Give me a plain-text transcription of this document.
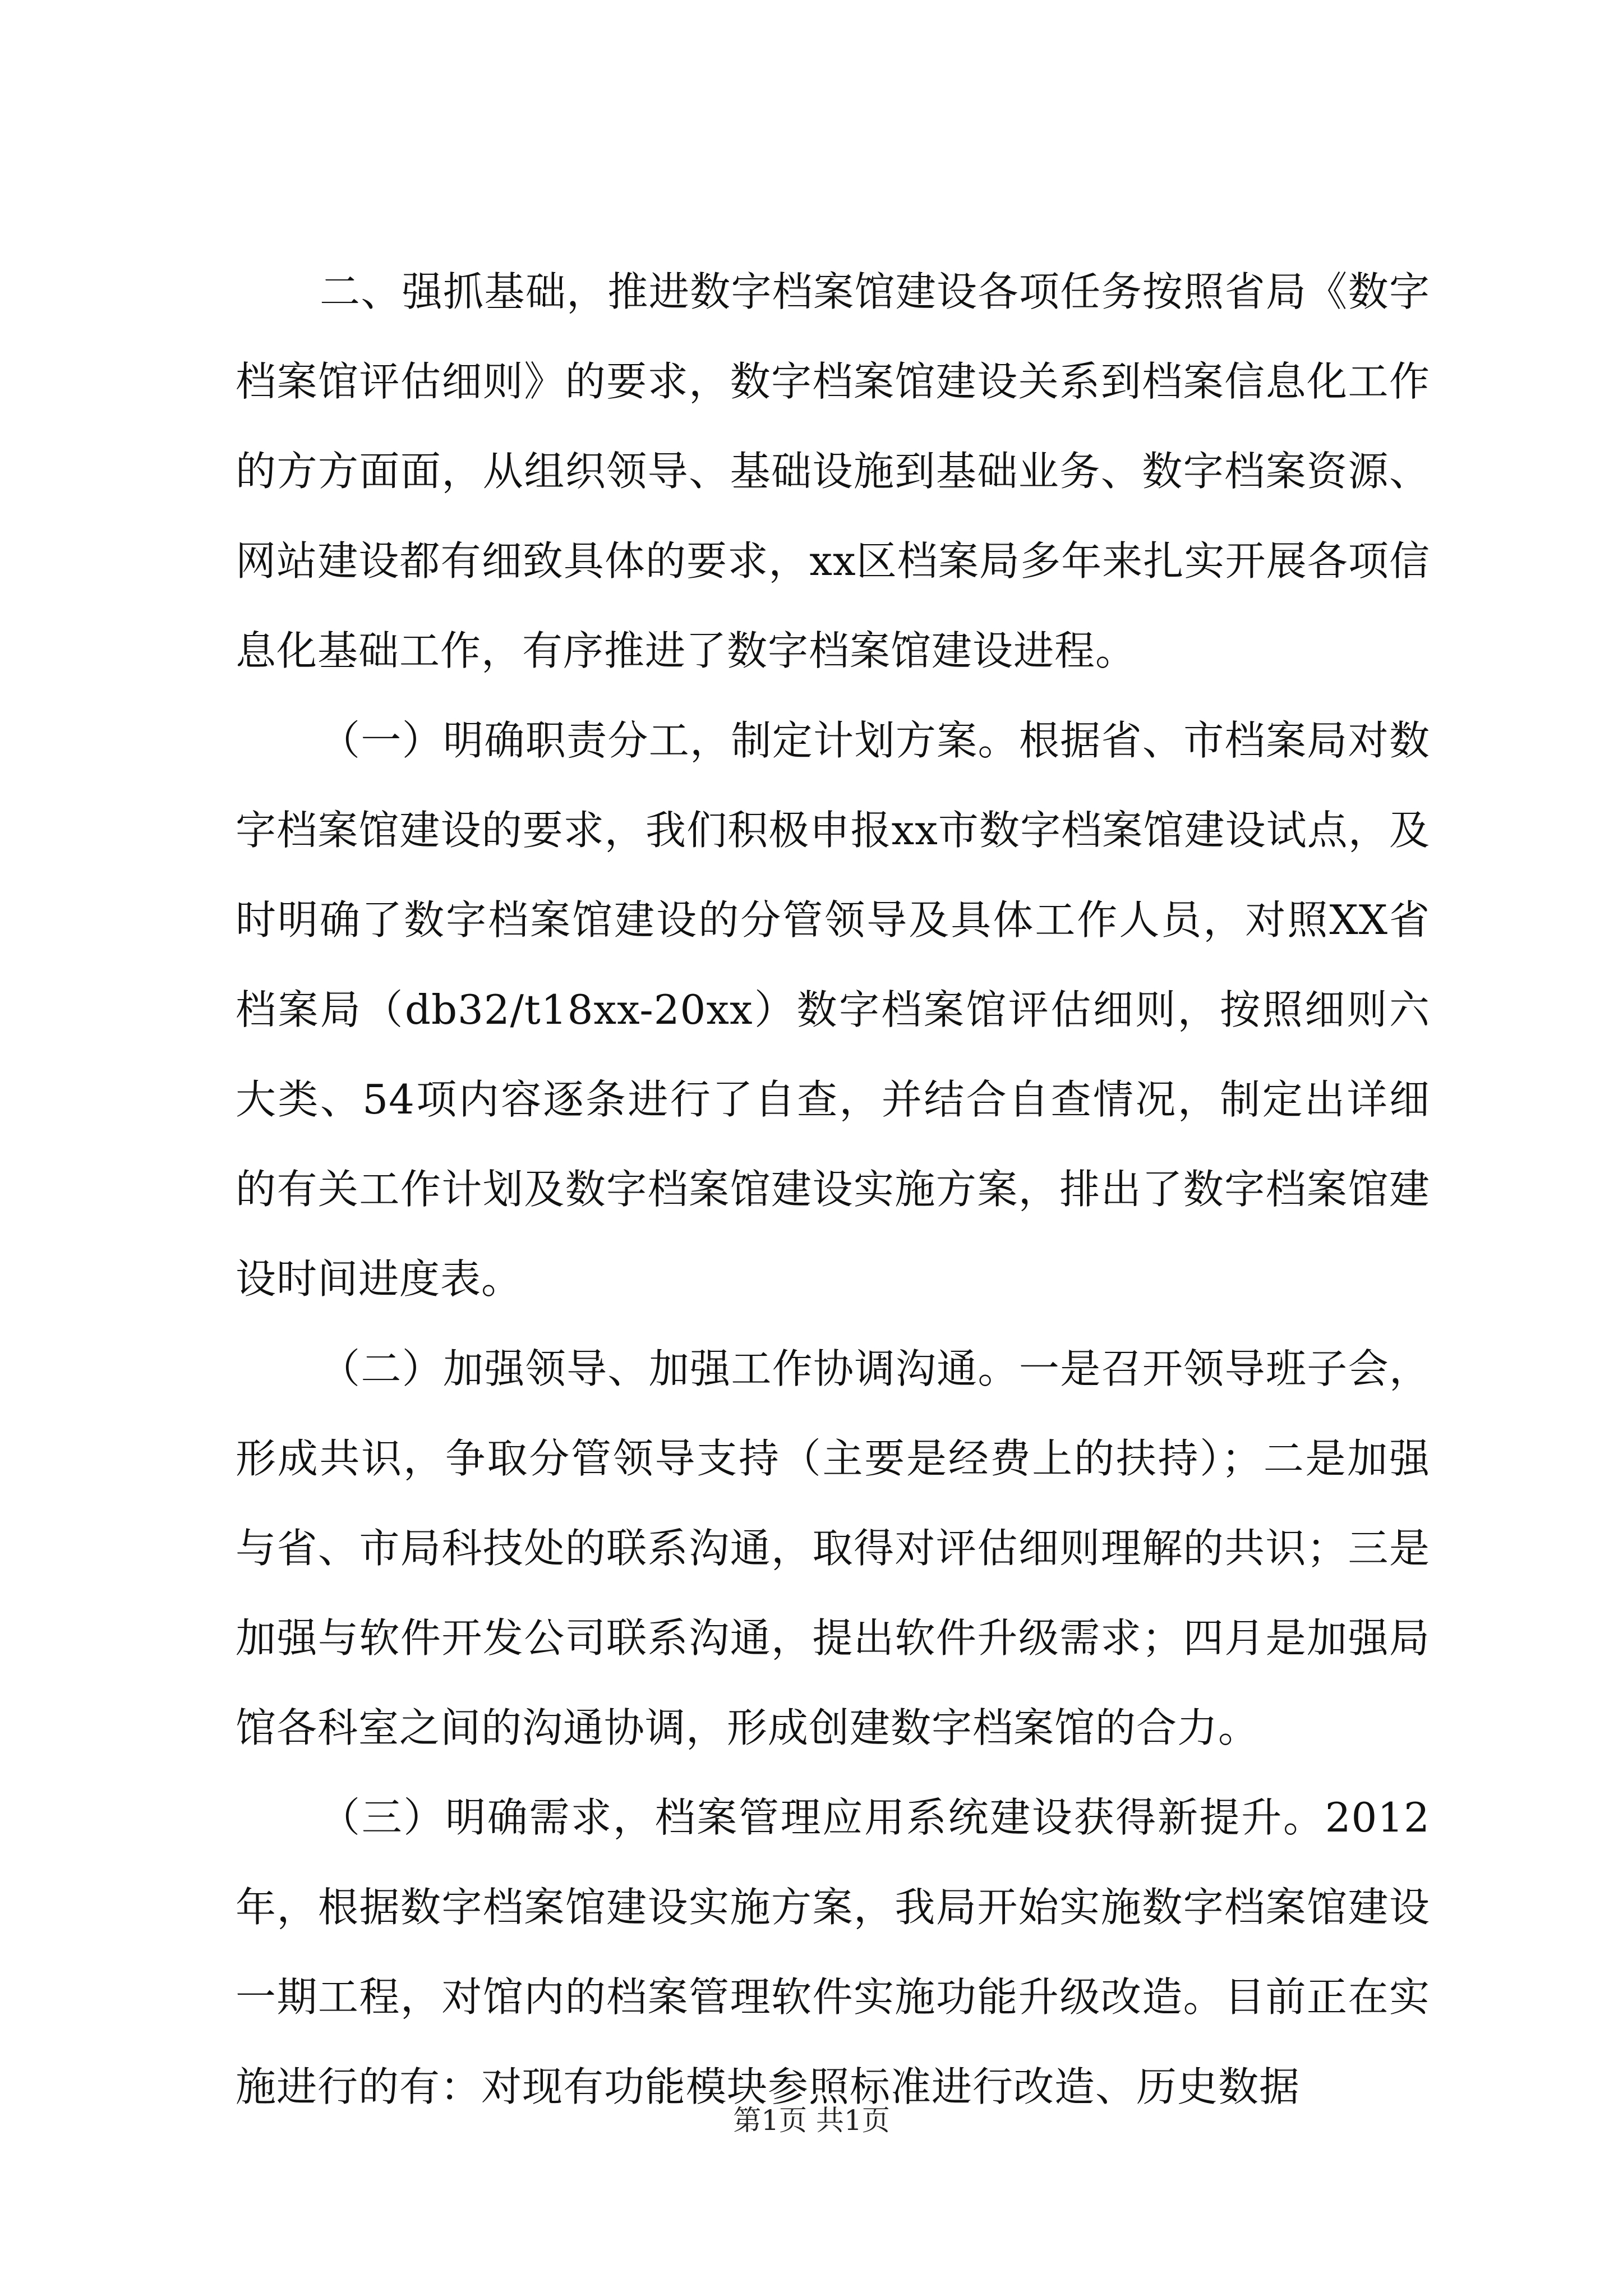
二、强抓基础，推进数字档案馆建设各项任务按照省局《数字档案馆评估细则》的要求，数字档案馆建设关系到档案信息化工作的方方面面，从组织领导、基础设施到基础业务、数字档案资源、网站建设都有细致具体的要求，xx区档案局多年来扎实开展各项信息化基础工作，有序推进了数字档案馆建设进程。

（一）明确职责分工，制定计划方案。根据省、市档案局对数字档案馆建设的要求，我们积极申报xx市数字档案馆建设试点，及时明确了数字档案馆建设的分管领导及具体工作人员，对照XX省档案局（db32/t18xx-20xx）数字档案馆评估细则，按照细则六大类、54项内容逐条进行了自查，并结合自查情况，制定出详细的有关工作计划及数字档案馆建设实施方案，排出了数字档案馆建设时间进度表。

（二）加强领导、加强工作协调沟通。一是召开领导班子会，形成共识，争取分管领导支持（主要是经费上的扶持）；二是加强与省、市局科技处的联系沟通，取得对评估细则理解的共识；三是加强与软件开发公司联系沟通，提出软件升级需求；四月是加强局馆各科室之间的沟通协调，形成创建数字档案馆的合力。

（三）明确需求，档案管理应用系统建设获得新提升。2012年，根据数字档案馆建设实施方案，我局开始实施数字档案馆建设一期工程，对馆内的档案管理软件实施功能升级改造。目前正在实施进行的有：对现有功能模块参照标准进行改造、历史数据

第1页 共1页
